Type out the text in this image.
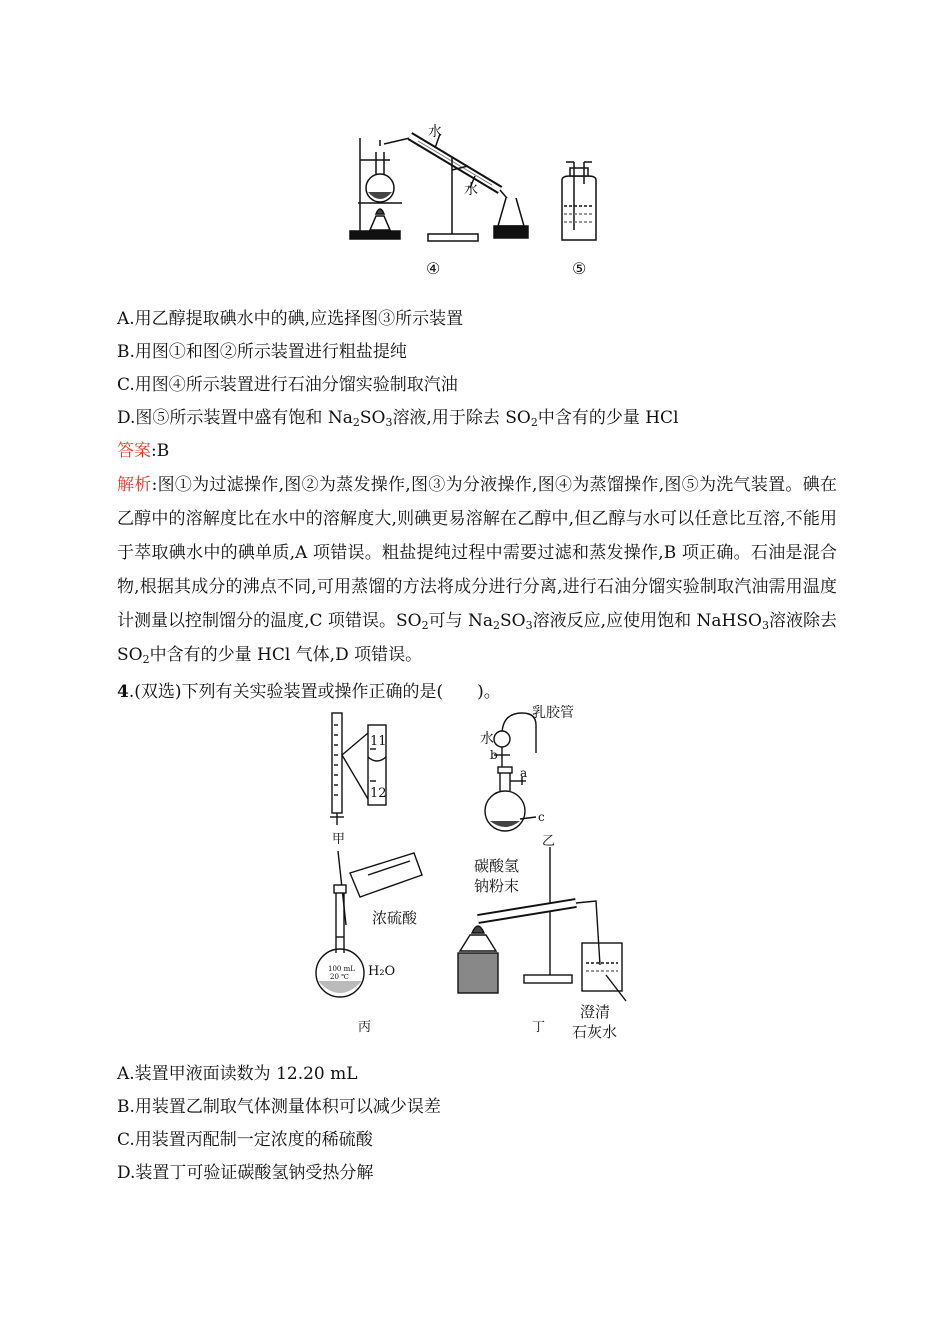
水
水
④	⑤
A.用乙醇提取碘水中的碘,应选择图③所示装置
B.用图①和图②所示装置进行粗盐提纯
C.用图④所示装置进行石油分馏实验制取汽油
D.图⑤所示装置中盛有饱和 $Na_2SO_3$溶液,用于除去 $SO_2$中含有的少量 HCl
答案:B
解析:图①为过滤操作,图②为蒸发操作,图③为分液操作,图④为蒸馏操作,图⑤为洗气装置。碘在乙醇中的溶解度比在水中的溶解度大,则碘更易溶解在乙醇中,但乙醇与水可以任意比互溶,不能用于萃取碘水中的碘单质,A 项错误。粗盐提纯过程中需要过滤和蒸发操作,B 项正确。石油是混合物,根据其成分的沸点不同,可用蒸馏的方法将成分进行分离,进行石油分馏实验制取汽油需用温度计测量以控制馏分的温度,C 项错误。$SO_2$可与 $Na_2SO_3$溶液反应,应使用饱和 NaHSO$_3$溶液除去 $SO_2$中含有的少量 HCl 气体,D 项错误。
4.(双选)下列有关实验装置或操作正确的是(　　)。
11
12
甲
乳胶管
水
b
a
c
乙
浓硫酸
H₂O
100 mL
20 ℃
丙
碳酸氢
钠粉末
丁
澄清
石灰水
A.装置甲液面读数为 12.20 mL
B.用装置乙制取气体测量体积可以减少误差
C.用装置丙配制一定浓度的稀硫酸
D.装置丁可验证碳酸氢钠受热分解
